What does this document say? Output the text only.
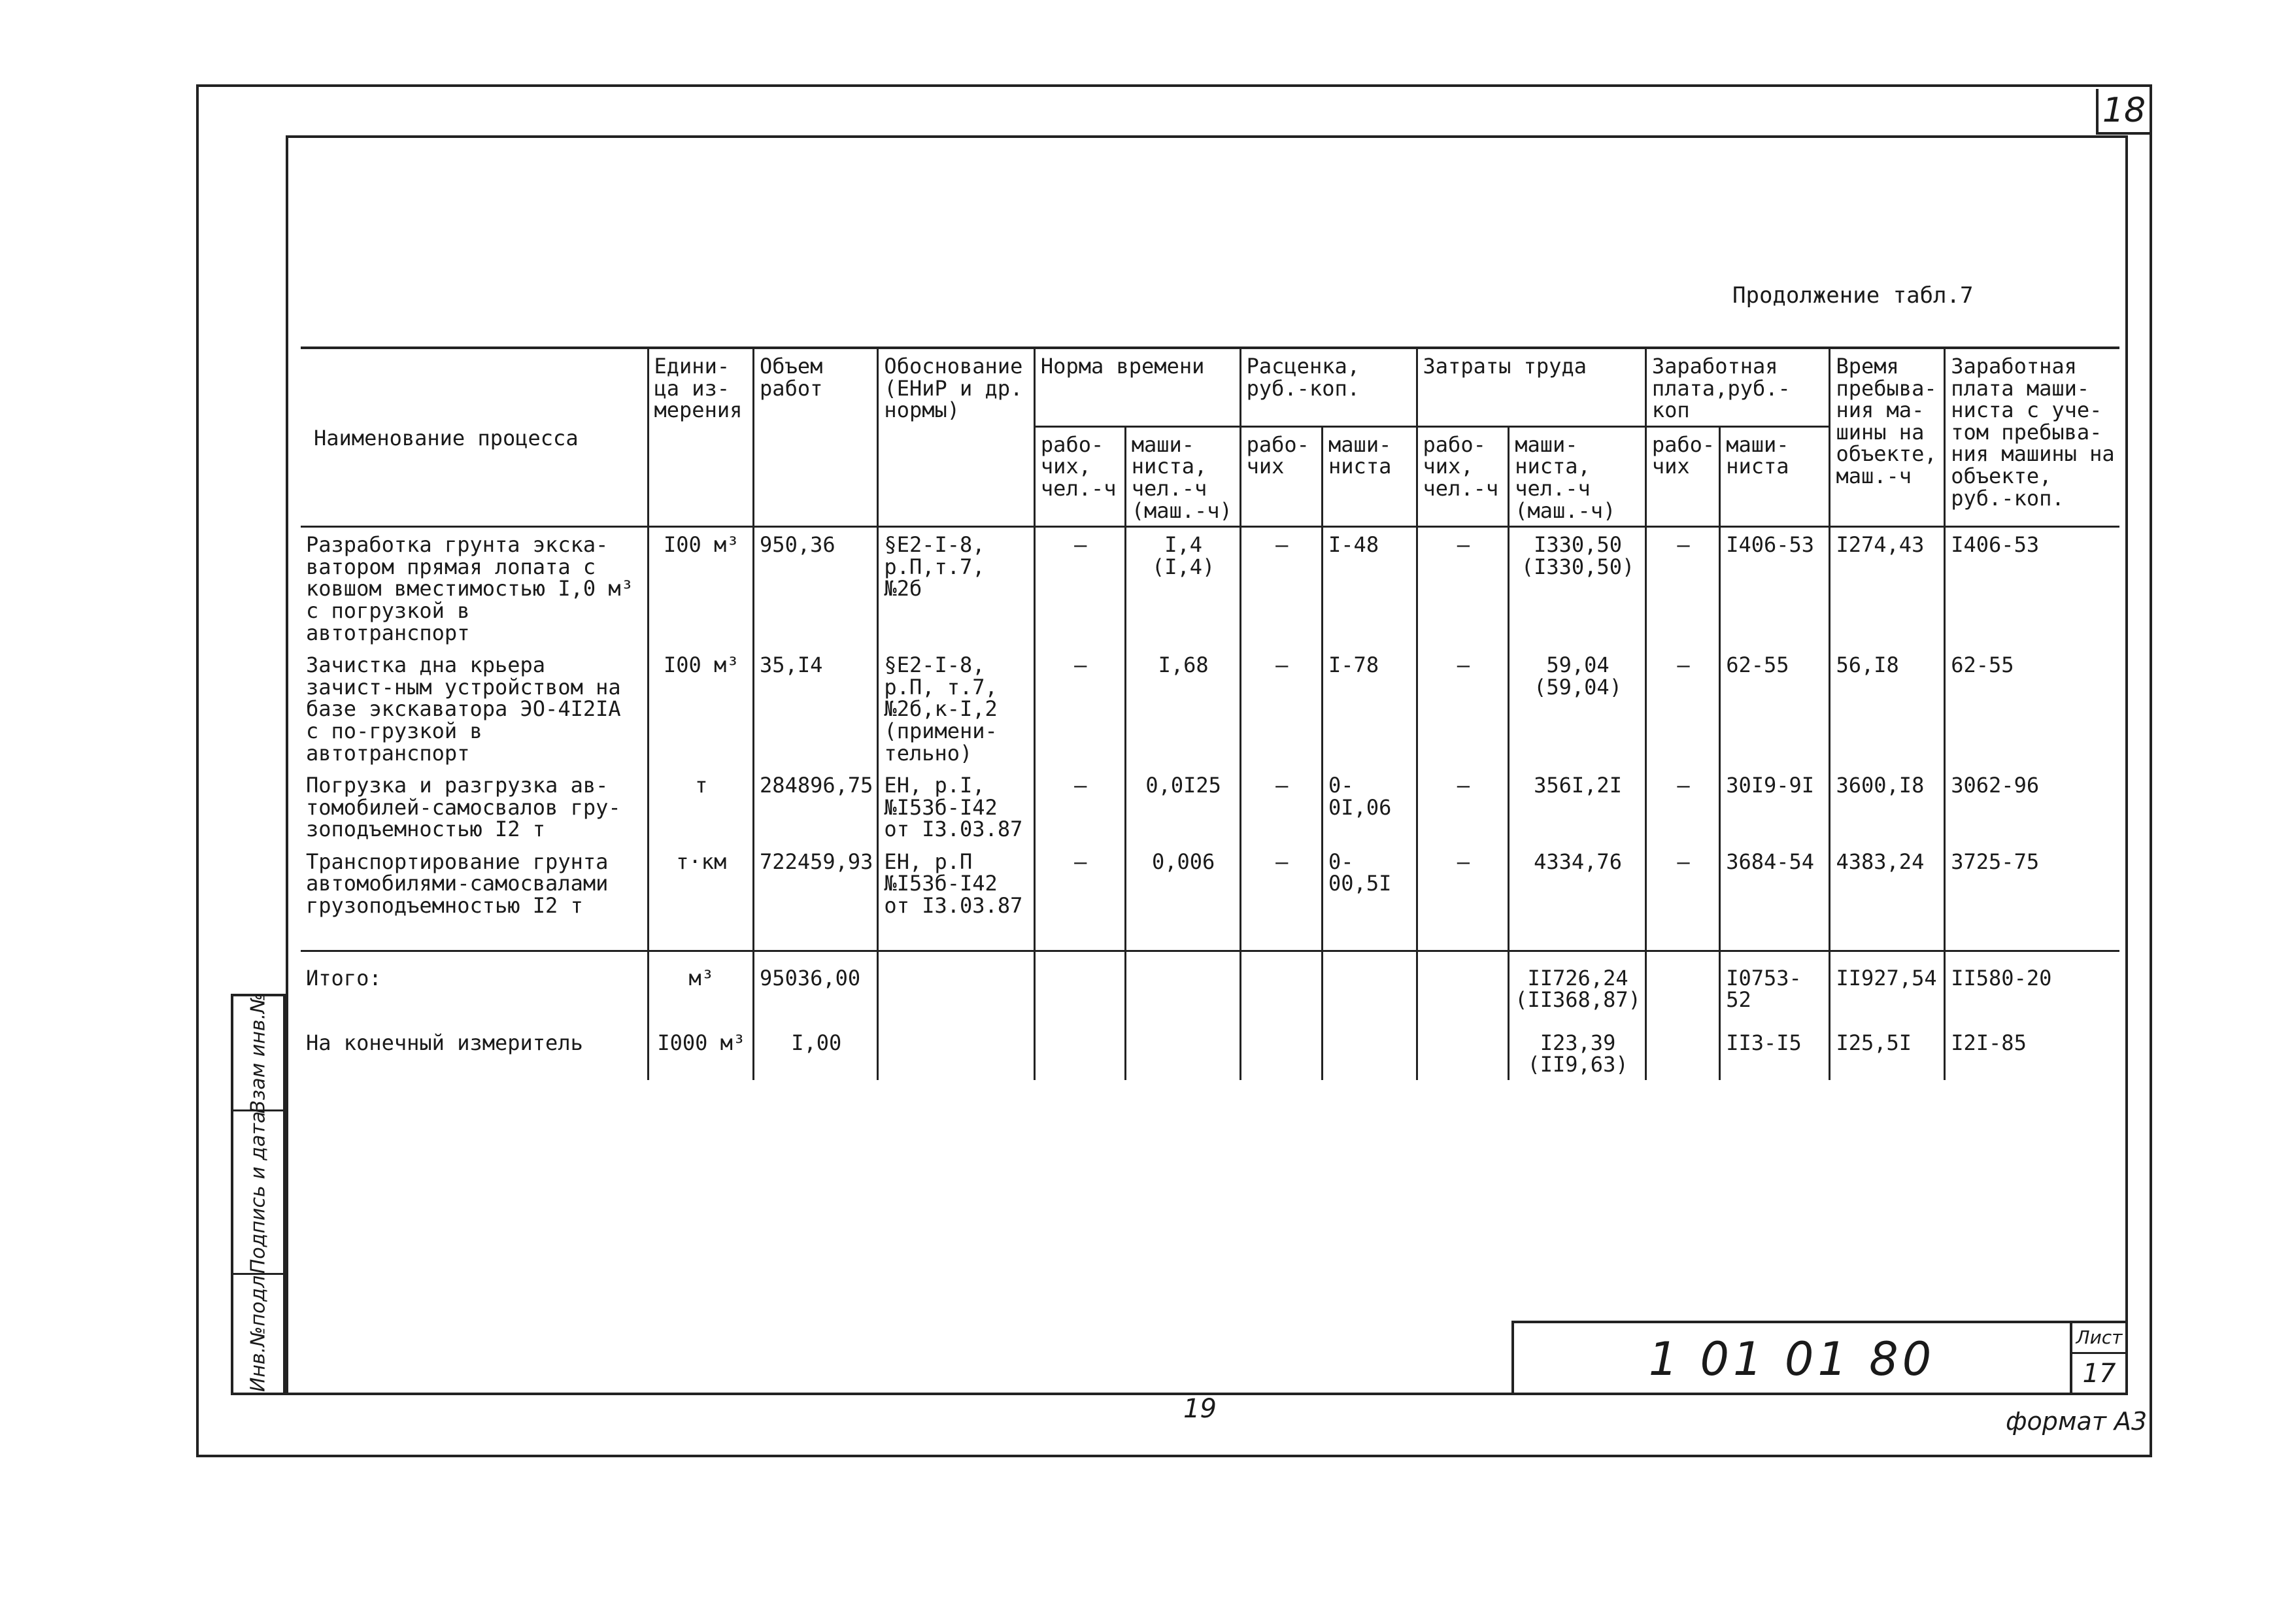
18
Инв.№подл
Подпись и дата
Взам инв.№
Продолжение табл.7
Наименование процесса	Едини-ца из-мерения	Объем работ	Обоснование (ЕНиР и др. нормы)	Норма времени		Расценка, руб.-коп.		Затраты труда		Заработная плата,руб.-коп		Время пребыва-ния ма-шины на объекте, маш.-ч	Заработная плата маши-ниста с уче-том пребыва-ния машины на объекте, руб.-коп.
				рабо-чих, чел.-ч	маши-ниста, чел.-ч (маш.-ч)	рабо-чих	маши-ниста	рабо-чих, чел.-ч	маши-ниста, чел.-ч (маш.-ч)	рабо-чих	маши-ниста		
Разработка грунта экска-ватором прямая лопата с ковшом вместимостью I,0 м³ с погрузкой в автотранспорт	I00 м³	950,36	§Е2-I-8, р.П,т.7, №2б	–	I,4 (I,4)	–	I-48	–	I330,50 (I330,50)	–	I406-53	I274,43	I406-53
Зачистка дна крьера зачист-ным устройством на базе экскаватора ЭО-4I2IА с по-грузкой в автотранспорт	I00 м³	35,I4	§Е2-I-8, р.П, т.7, №2б,к-I,2 (примени-тельно)	–	I,68	–	I-78	–	59,04 (59,04)	–	62-55	56,I8	62-55
Погрузка и разгрузка ав-томобилей-самосвалов гру-зоподъемностью I2 т	т	284896,75	ЕН, р.I, №I53б-I42 от I3.03.87	–	0,0I25	–	0-0I,06	–	356I,2I	–	30I9-9I	3600,I8	3062-96
Транспортирование грунта автомобилями-самосвалами грузоподъемностью I2 т	т·км	722459,93	ЕН, р.П №I53б-I42 от I3.03.87	–	0,006	–	0-00,5I	–	4334,76	–	3684-54	4383,24	3725-75
Итого:	м³	95036,00							II726,24 (II368,87)		I0753-52	II927,54	II580-20
На конечный измеритель	I000 м³	I,00							I23,39 (II9,63)		II3-I5	I25,5I	I2I-85
1 01 01 80	Лист
17
19	формат А3
